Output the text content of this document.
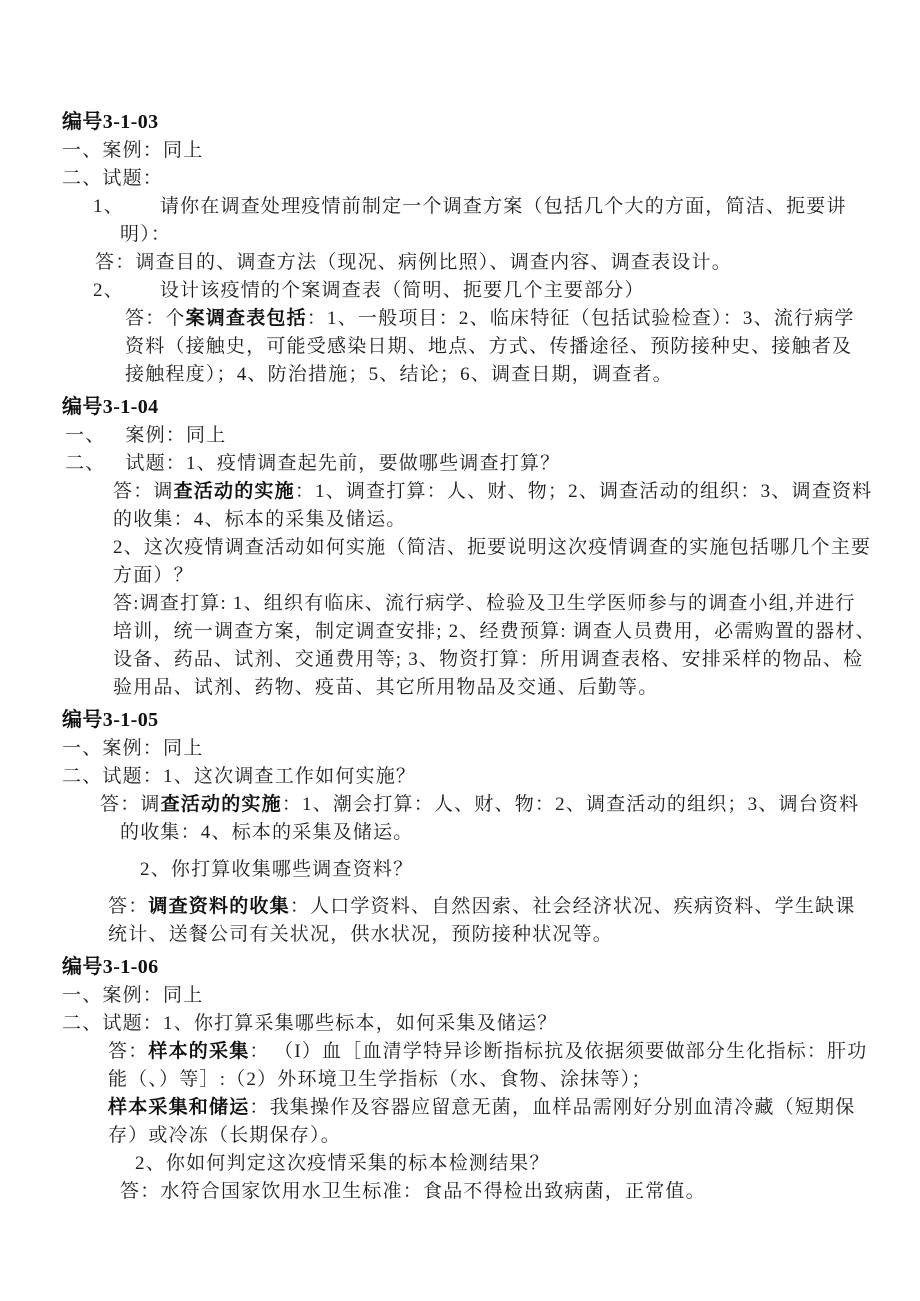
编号3-1-03
一、案例：同上
二、试题：
1、 请你在调查处理疫情前制定一个调查方案（包括几个大的方面，简洁、扼要讲
明）：
答：调查目的、调查方法（现况、病例比照）、调查内容、调查表设计。
2、 设计该疫情的个案调查表（简明、扼要几个主要部分）
答：个案调查表包括：1、一般项目：2、临床特征（包括试验检查）：3、流行病学
资料（接触史，可能受感染日期、地点、方式、传播途径、预防接种史、接触者及
接触程度）；4、防治措施；5、结论；6、调查日期，调查者。
编号3-1-04
一、 案例：同上
二、 试题：1、疫情调查起先前，要做哪些调查打算？
答：调查活动的实施：1、调查打算：人、财、物；2、调查活动的组织：3、调查资料
的收集：4、标本的采集及储运。
2、这次疫情调查活动如何实施（简洁、扼要说明这次疫情调查的实施包括哪几个主要
方面）？
答:调查打算: 1、组织有临床、流行病学、检验及卫生学医师参与的调查小组,并进行
培训，统一调查方案，制定调查安排; 2、经费预算: 调查人员费用，必需购置的器材、
设备、药品、试剂、交通费用等; 3、物资打算：所用调查表格、安排采样的物品、检
验用品、试剂、药物、疫苗、其它所用物品及交通、后勤等。
编号3-1-05
一、案例：同上
二、试题：1、这次调查工作如何实施？
答：调查活动的实施：1、潮会打算：人、财、物：2、调查活动的组织；3、调台资料
的收集：4、标本的采集及储运。
2、你打算收集哪些调查资料？
答：调查资料的收集：人口学资料、自然因索、社会经济状况、疾病资料、学生缺课
统计、送餐公司有关状况，供水状况，预防接种状况等。
编号3-1-06
一、案例：同上
二、试题：1、你打算采集哪些标本，如何采集及储运？
答：样本的采集： （I）血［血清学特异诊断指标抗及依据须要做部分生化指标：肝功
能（、）等］:（2）外环境卫生学指标（水、食物、涂抹等）；
样本采集和储运：我集操作及容器应留意无菌，血样品需刚好分别血清冷藏（短期保
存）或冷冻（长期保存）。
2、你如何判定这次疫情采集的标本检测结果？
答：水符合国家饮用水卫生标准：食品不得检出致病菌，正常值。
